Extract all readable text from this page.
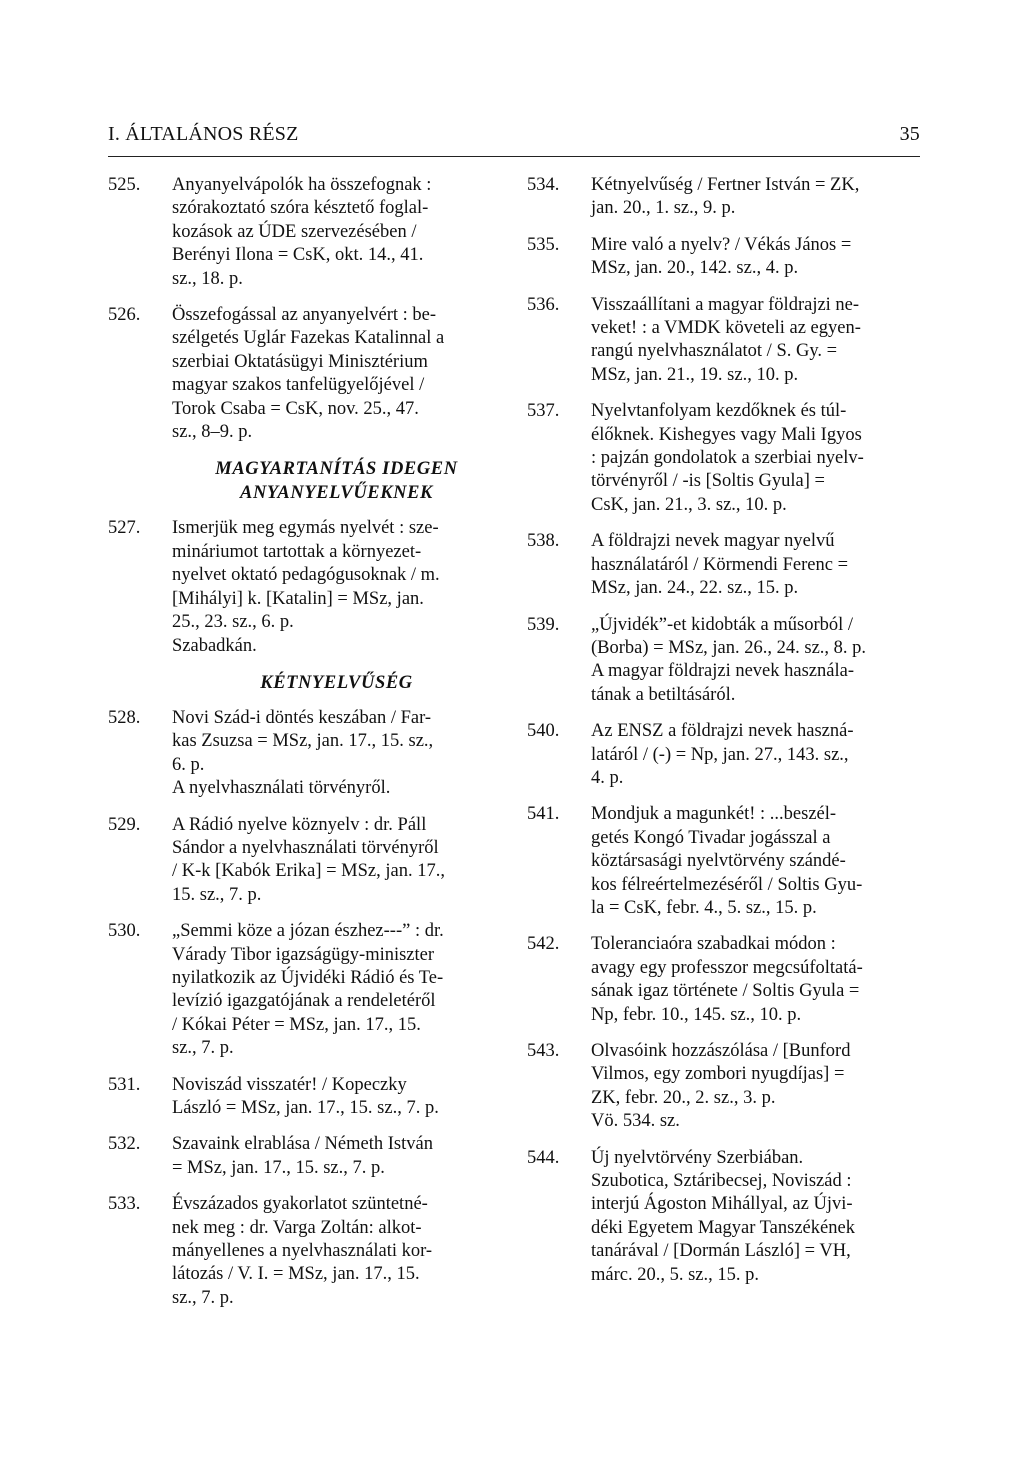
I. ÁLTALÁNOS RÉSZ	35
525.	Anyanyelvápolók ha összefognak :
szórakoztató szóra késztető foglal-
kozások az ÚDE szervezésében /
Berényi Ilona = CsK, okt. 14., 41.
sz., 18. p.
526.	Összefogással az anyanyelvért : be-
szélgetés Uglár Fazekas Katalinnal a
szerbiai Oktatásügyi Minisztérium
magyar szakos tanfelügyelőjével /
Torok Csaba = CsK, nov. 25., 47.
sz., 8–9. p.
MAGYARTANÍTÁS IDEGEN
ANYANYELVŰEKNEK
527.	Ismerjük meg egymás nyelvét : sze-
mináriumot tartottak a környezet-
nyelvet oktató pedagógusoknak / m.
[Mihályi] k. [Katalin] = MSz, jan.
25., 23. sz., 6. p.
Szabadkán.
KÉTNYELVŰSÉG
528.	Novi Szád-i döntés keszában / Far-
kas Zsuzsa = MSz, jan. 17., 15. sz.,
6. p.
A nyelvhasználati törvényről.
529.	A Rádió nyelve köznyelv : dr. Páll
Sándor a nyelvhasználati törvényről
/ K-k [Kabók Erika] = MSz, jan. 17.,
15. sz., 7. p.
530.	„Semmi köze a józan észhez---” : dr.
Várady Tibor igazságügy-miniszter
nyilatkozik az Újvidéki Rádió és Te-
levízió igazgatójának a rendeletéről
/ Kókai Péter = MSz, jan. 17., 15.
sz., 7. p.
531.	Noviszád visszatér! / Kopeczky
László = MSz, jan. 17., 15. sz., 7. p.
532.	Szavaink elrablása / Németh István
= MSz, jan. 17., 15. sz., 7. p.
533.	Évszázados gyakorlatot szüntetné-
nek meg : dr. Varga Zoltán: alkot-
mányellenes a nyelvhasználati kor-
látozás / V. I. = MSz, jan. 17., 15.
sz., 7. p.
534.	Kétnyelvűség / Fertner István = ZK,
jan. 20., 1. sz., 9. p.
535.	Mire való a nyelv? / Vékás János =
MSz, jan. 20., 142. sz., 4. p.
536.	Visszaállítani a magyar földrajzi ne-
veket! : a VMDK követeli az egyen-
rangú nyelvhasználatot / S. Gy. =
MSz, jan. 21., 19. sz., 10. p.
537.	Nyelvtanfolyam kezdőknek és túl-
élőknek. Kishegyes vagy Mali Igyos
: pajzán gondolatok a szerbiai nyelv-
törvényről / -is [Soltis Gyula] =
CsK, jan. 21., 3. sz., 10. p.
538.	A földrajzi nevek magyar nyelvű
használatáról / Körmendi Ferenc =
MSz, jan. 24., 22. sz., 15. p.
539.	„Újvidék”-et kidobták a műsorból /
(Borba) = MSz, jan. 26., 24. sz., 8. p.
A magyar földrajzi nevek használa-
tának a betiltásáról.
540.	Az ENSZ a földrajzi nevek haszná-
latáról / (-) = Np, jan. 27., 143. sz.,
4. p.
541.	Mondjuk a magunkét! : ...beszél-
getés Kongó Tivadar jogásszal a
köztársasági nyelvtörvény szándé-
kos félreértelmezéséről / Soltis Gyu-
la = CsK, febr. 4., 5. sz., 15. p.
542.	Toleranciaóra szabadkai módon :
avagy egy professzor megcsúfoltatá-
sának igaz története / Soltis Gyula =
Np, febr. 10., 145. sz., 10. p.
543.	Olvasóink hozzászólása / [Bunford
Vilmos, egy zombori nyugdíjas] =
ZK, febr. 20., 2. sz., 3. p.
Vö. 534. sz.
544.	Új nyelvtörvény Szerbiában.
Szubotica, Sztáribecsej, Noviszád :
interjú Ágoston Mihállyal, az Újvi-
déki Egyetem Magyar Tanszékének
tanárával / [Dormán László] = VH,
márc. 20., 5. sz., 15. p.
